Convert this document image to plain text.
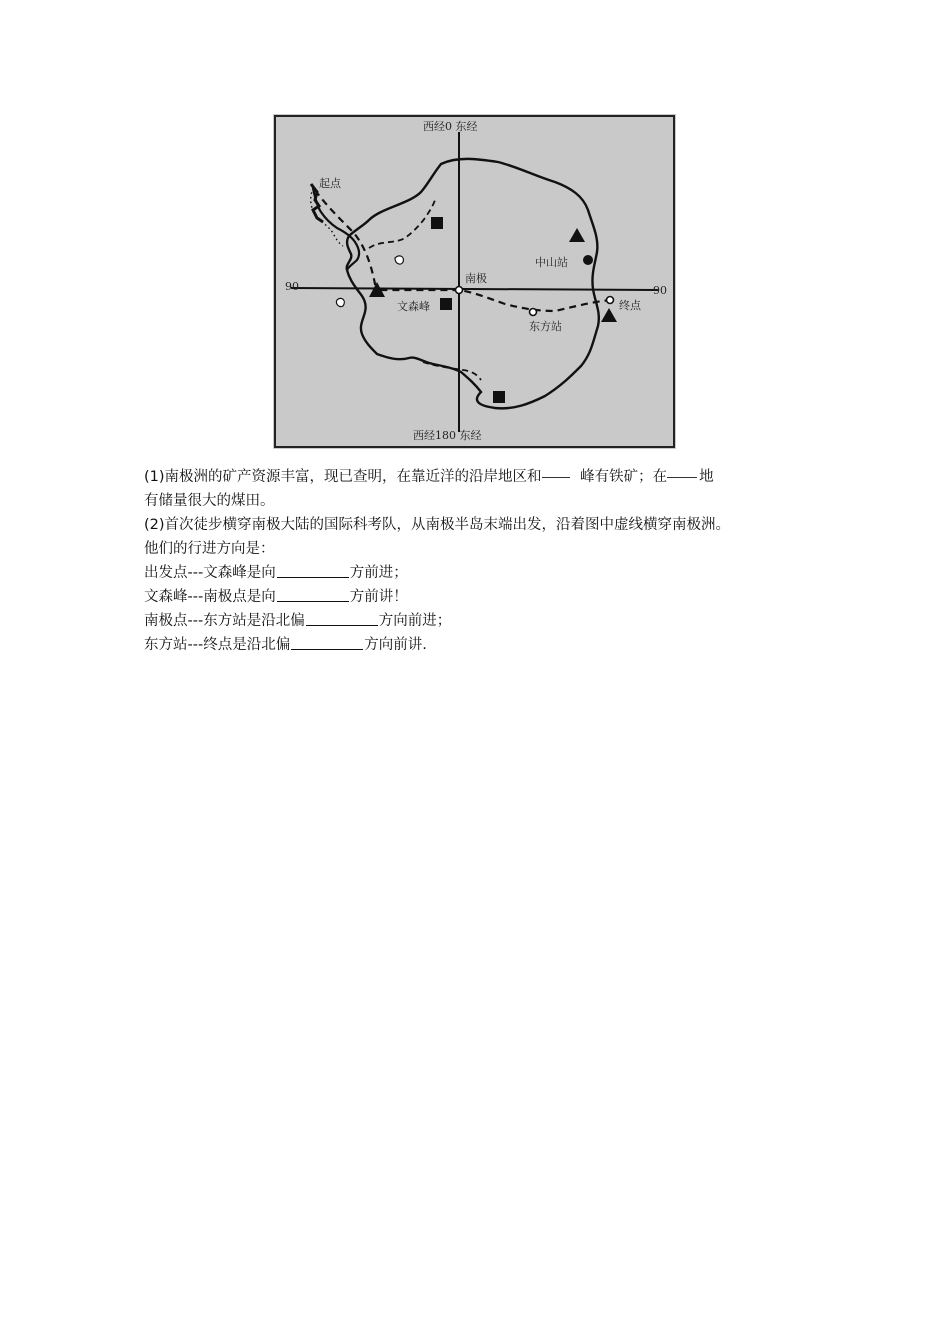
西经0 东经
90	90
西经180 东经
起点
南极
文森峰
中山站
东方站
终点

(1)南极洲的矿产资源丰富，现已查明，在靠近洋的沿岸地区和 峰有铁矿；在 地

有储量很大的煤田。

(2)首次徒步横穿南极大陆的国际科考队，从南极半岛末端出发，沿着图中虚线横穿南极洲。

他们的行进方向是：

出发点---文森峰是向	方前进；

文森峰---南极点是向	方前讲！

南极点---东方站是沿北偏	方向前进；

东方站---终点是沿北偏	方向前讲.
